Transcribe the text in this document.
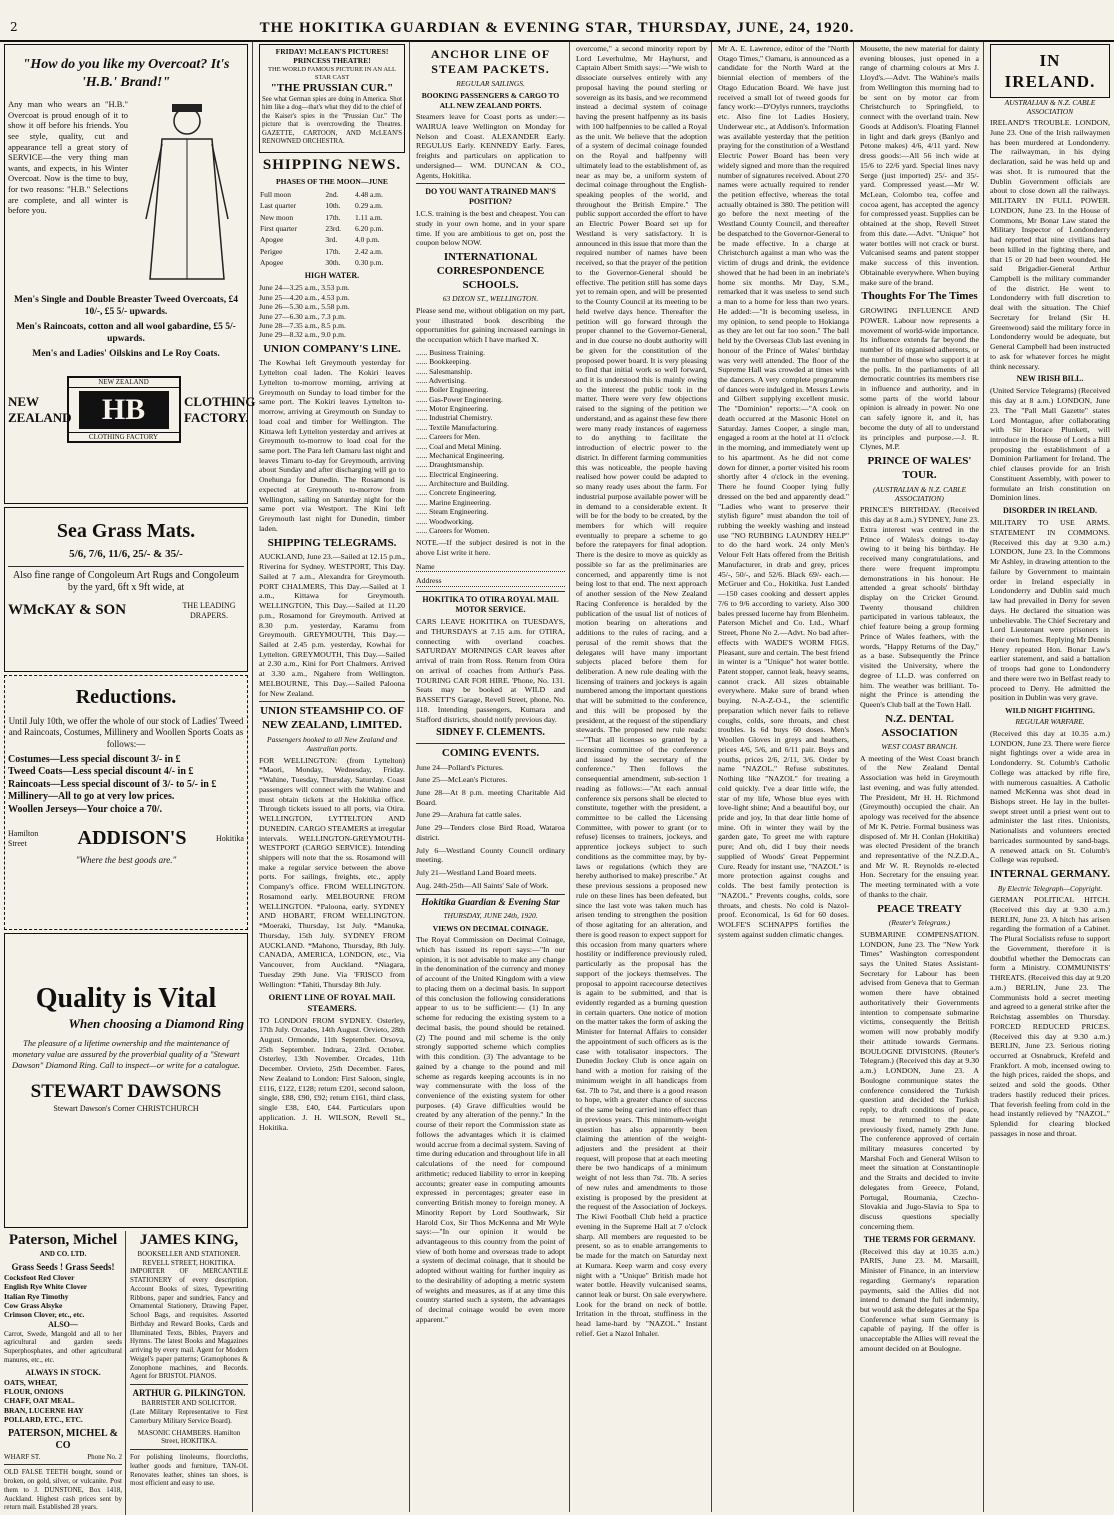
2	THE HOKITIKA GUARDIAN & EVENING STAR, THURSDAY, JUNE, 24, 1920.
"How do you like my Overcoat? It's 'H.B.' Brand!"

Any man who wears an "H.B." Overcoat is proud enough of it to show it off before his friends. You see style, quality, cut and appearance tell a great story of SERVICE—the very thing man wants, and expects, in his Winter Overcoat. Now is the time to buy, for two reasons: "H.B." Selections are complete, and all winter is before you.

Men's Single and Double Breaster Tweed Overcoats, £4 10/-, £5 5/- upwards.

Men's Raincoats, cotton and all wool gabardine, £5 5/- upwards.

Men's and Ladies' Oilskins and Le Roy Coats.

NEW ZEALAND
NEW ZEALAND
HB
CLOTHING FACTORY
CLOTHING FACTORY.
Sea Grass Mats.
5/6, 7/6, 11/6, 25/- & 35/-

Also fine range of Congoleum Art Rugs and Congoleum by the yard, 6ft x 9ft wide, at

WMcKAY & SON	THE LEADING DRAPERS.
Reductions.

Until July 10th, we offer the whole of our stock of Ladies' Tweed and Raincoats, Costumes, Millinery and Woollen Sports Coats as follows:—

Costumes—Less special discount 3/- in £
Tweed Coats—Less special discount 4/- in £
Raincoats—Less special discount of 3/- to 5/- in £
Millinery—All to go at very low prices.
Woollen Jerseys—Your choice a 70/.
Hamilton Street	ADDISON'S	Hokitika
"Where the best goods are."
Quality is Vital
When choosing a Diamond Ring

The pleasure of a lifetime ownership and the maintenance of monetary value are assured by the proverbial quality of a "Stewart Dawson" Diamond Ring. Call to inspect—or write for a catalogue.

STEWART DAWSONS
Stewart Dawson's Corner CHRISTCHURCH
Paterson, Michel
AND CO. LTD.
Grass Seeds ! Grass Seeds!
Cocksfoot Red Clover
English Rye White Clover
Italian Rye Timothy
Cow Grass Alsyke
Crimson Clover, etc., etc.
ALSO—

Carrot, Swede, Mangold and all to her agricultural and garden seeds Superphosphates, and other agricultural manures, etc., etc.

ALWAYS IN STOCK.
OATS, WHEAT,
FLOUR, ONIONS
CHAFF, OAT MEAL.
BRAN, LUCERNE HAY
POLLARD, ETC., ETC.
PATERSON, MICHEL & CO
WHARF ST.	Phone No. 2

OLD FALSE TEETH bought, sound or broken, on gold, silver, or vulcanite. Post them to J. DUNSTONE, Box 1418, Auckland. Highest cash prices sent by return mail. Established 28 years.

JAMES KING,
BOOKSELLER AND STATIONER. REVELL STREET, HOKITIKA.

IMPORTER OF MERCANTILE STATIONERY of every description. Account Books of sizes, Typewriting Ribbons, paper and sundries, Fancy and Ornamental Stationery, Drawing Paper, School Bags, and requisites. Assorted Birthday and Reward Books, Cards and Illuminated Texts, Bibles, Prayers and Hymns. The latest Books and Magazines arriving by every mail. Agent for Modern Weigel's paper patterns; Gramophones & Zonophone machines, and Records. Agent for BRISTOL PIANOS.

ARTHUR G. PILKINGTON.
BARRISTER AND SOLICITOR.

(Late Military Representative to First Canterbury Military Service Board).

MASONIC CHAMBERS. Hamilton Street, HOKITIKA.

For polishing linoleums, floorcloths, leather goods and furniture, TAN-OL Renovates leather, shines tan shoes, is most efficient and easy to use.

FRIDAY! McLEAN'S PICTURES! PRINCESS THEATRE!
THE WORLD FAMOUS PICTURE IN AN ALL STAR CAST
"THE PRUSSIAN CUR."

See what German spies are doing in America. Shot him like a dog—that's what they did to the chief of the Kaiser's spies in the "Prussian Cur." The picture that is overcrowding the Theatres. GAZETTE, CARTOON, AND McLEAN'S RENOWNED ORCHESTRA.

SHIPPING NEWS.
PHASES OF THE MOON—JUNE
Full moon	2nd.	4.48 a.m.
Last quarter	10th.	0.29 a.m.
New moon	17th.	1.11 a.m.
First quarter	23rd.	6.20 p.m.
Apogee	3rd.	4.0 p.m.
Perigee	17th.	2.42 a.m.
Apogee	30th.	0.30 p.m.
HIGH WATER.
June 24—3.25 a.m., 3.53 p.m.
June 25—4.20 a.m., 4.53 p.m.
June 26—5.30 a.m., 5.58 p.m.
June 27—6.30 a.m., 7.3 p.m.
June 28—7.35 a.m., 8.5 p.m.
June 29—8.32 a.m., 9.0 p.m.
UNION COMPANY'S LINE.

The Kowhai left Greymouth yesterday for Lyttelton coal laden. The Kokiri leaves Lyttelton to-morrow morning, arriving at Greymouth on Sunday to load timber for the same port. The Kokiri leaves Lyttelton to-morrow, arriving at Greymouth on Sunday to load coal and timber for Wellington. The Kittawa left Lyttelton yesterday and arrives at Greymouth to-morrow to load coal for the same port. The Para left Oamaru last night and leaves Timaru to-day for Greymouth, arriving about Sunday and after discharging will go to Onehunga for Dunedin. The Rosamond is expected at Greymouth to-morrow from Wellington, sailing on Saturday night for the same port via Westport. The Kini left Greymouth last night for Dunedin, timber laden.

SHIPPING TELEGRAMS.

AUCKLAND, June 23.—Sailed at 12.15 p.m., Riverina for Sydney. WESTPORT, This Day. Sailed at 7 a.m., Alexandra for Greymouth. PORT CHALMERS, This Day.—Sailed at 1 a.m., Kittawa for Greymouth. WELLINGTON, This Day.—Sailed at 11.20 p.m., Rosamond for Greymouth. Arrived at 8.30 p.m. yesterday, Karamu from Greymouth. GREYMOUTH, This Day.—Sailed at 2.45 p.m. yesterday, Kowhai for Lyttelton. GREYMOUTH, This Day.—Sailed at 2.30 a.m., Kini for Port Chalmers. Arrived at 3.30 a.m., Ngahere from Wellington. MELBOURNE, This Day.—Sailed Paloona for New Zealand.

UNION STEAMSHIP CO. OF NEW ZEALAND, LIMITED.
Passengers booked to all New Zealand and Australian ports.

FOR WELLINGTON: (from Lyttelton) *Maori, Monday, Wednesday, Friday. *Wahine, Tuesday, Thursday, Saturday. Coast passengers will connect with the Wahine and must obtain tickets at the Hokitika office. Through tickets issued to all ports, via Otira. WELLINGTON, LYTTELTON AND DUNEDIN. CARGO STEAMERS at irregular intervals. WELLINGTON-GREYMOUTH-WESTPORT (CARGO SERVICE). Intending shippers will note that the ss. Rosamond will make a regular service between the above ports. For sailings, freights, etc., apply Company's office. FROM WELLINGTON. Rosamond early. MELBOURNE FROM WELLINGTON. *Paloona, early. SYDNEY AND HOBART, FROM WELLINGTON. *Moeraki, Thursday, 1st July. *Manuka, Thursday, 15th July. SYDNEY FROM AUCKLAND. *Mahono, Thursday, 8th July. CANADA, AMERICA, LONDON, etc., Via Vancouver, from Auckland. *Niagara, Tuesday 29th June. Via 'FRISCO from Wellington: *Tahiti, Thursday 8th July.

ORIENT LINE OF ROYAL MAIL STEAMERS.

TO LONDON FROM SYDNEY. Osterley, 17th July. Orcades, 14th August. Orvieto, 28th August. Ormonde, 11th September. Orsova, 25th September. Indrara, 23rd. October. Osterley, 13th November. Orcades, 11th December. Orvieto, 25th December. Fares, New Zealand to London: First Saloon, single, £116, £122, £128; return £201, second saloon, single, £88, £90, £92; return £161, third class, single £38, £40, £44. Particulars upon application. J. H. WILSON, Revell St., Hokitika.

ANCHOR LINE OF STEAM PACKETS.
REGULAR SAILINGS.
BOOKING PASSENGERS & CARGO TO ALL NEW ZEALAND PORTS.

Steamers leave for Coast ports as under:— WAIRUA leave Wellington on Monday for Nelson and Coast. ALEXANDER Early. REGULUS Early. KENNEDY Early. Fares, freights and particulars on application to undersigned— WM. DUNCAN & CO., Agents, Hokitika.

DO YOU WANT A TRAINED MAN'S POSITION?

I.C.S. training is the best and cheapest. You can study in your own home, and in your spare time. If you are ambitious to get on, post the coupon below NOW.

INTERNATIONAL CORRESPONDENCE SCHOOLS.
63 DIXON ST., WELLINGTON.

Please send me, without obligation on my part, your illustrated book describing the opportunities for gaining increased earnings in the occupation which I have marked X.

...... Business Training.
...... Bookkeeping.
...... Salesmanship.
...... Advertising.
...... Boiler Engineering.
...... Gas-Power Engineering.
...... Motor Engineering.
...... Industrial Chemistry.
...... Textile Manufacturing.
...... Careers for Men.
...... Coal and Metal Mining.
...... Mechanical Engineering.
...... Draughtsmanship.
...... Electrical Engineering.
...... Architecture and Building.
...... Concrete Engineering.
...... Marine Engineering.
...... Steam Engineering.
...... Woodworking.
...... Careers for Women.

NOTE.—If the subject desired is not in the above List write it here.

Name
Address
HOKITIKA TO OTIRA ROYAL MAIL MOTOR SERVICE.

CARS LEAVE HOKITIKA on TUESDAYS, and THURSDAYS at 7.15 a.m. for OTIRA, connecting with overland coaches. SATURDAY MORNINGS CAR leaves after arrival of train from Ross. Return from Otira on arrival of coaches from Arthur's Pass. TOURING CAR FOR HIRE. 'Phone, No. 131. Seats may be booked at WILD and BASSETT'S Garage, Revell Street, phone, No. 118. Intending passengers, Kumara and Stafford districts, should notify previous day.

SIDNEY F. CLEMENTS.
COMING EVENTS.

June 24—Pollard's Pictures.

June 25—McLean's Pictures.

June 28—At 8 p.m. meeting Charitable Aid Board.

June 29—Arahura fat cattle sales.

June 29—Tenders close Bird Road, Wataroa district.

July 6—Westland County Council ordinary meeting.

July 21—Westland Land Board meets.

Aug. 24th-25th—All Saints' Sale of Work.

Hokitika Guardian & Evening Star
THURSDAY, JUNE 24th, 1920.
VIEWS ON DECIMAL COINAGE.

The Royal Commission on Decimal Coinage, which has issued its report says:—"In our opinion, it is not advisable to make any change in the denomination of the currency and money of account of the United Kingdom with a view to placing them on a decimal basis. In support of this conclusion the following considerations appear to us to be sufficient:— (1) In any scheme for reducing the existing system to a decimal basis, the pound should be retained. (2) The pound and mil scheme is the only strongly supported scheme which complies with this condition. (3) The advantage to be gained by a change to the pound and mil scheme as regards keeping accounts is in no way commensurate with the loss of the convenience of the existing system for other purposes. (4) Grave difficulties would be created by any alteration of the penny." In the course of their report the Commission state as follows the advantages which it is claimed would accrue from a decimal system. Saving of time during education and throughout life in all calculations of the need for compound arithmetic; reduced liability to error in keeping accounts; greater ease in computing amounts expressed in percentages; greater ease in converting British money to foreign money. A Minority Report by Lord Southwark, Sir Harold Cox, Sir Thos McKenna and Mr Wyle says:—"In our opinion it would be advantageous to this country from the point of view of both home and overseas trade to adopt a system of decimal coinage, that it should be adopted without waiting for further inquiry as to the desirability of adopting a metric system of weights and measures, as if at any time this country started such a system, the advantages of decimal coinage would be even more apparent."

overcome," a second minority report by Lord Leverhulme, Mr Hayhurst, and Captain Albert Smith says:—"We wish to dissociate ourselves entirely with any proposal having the pound sterling or sovereign as its basis, and we recommend instead a decimal system of coinage having the present halfpenny as its basis with 100 halfpennies to be called a Royal as the unit. We believe that the adoption of a system of decimal coinage founded on the Royal and halfpenny will ultimately lead to the establishment of, as near as may be, a uniform system of decimal coinage throughout the English-speaking peoples of the world, and throughout the British Empire." The public support accorded the effort to have an Electric Power Board set up for Westland is very satisfactory. It is announced in this issue that more than the required number of names have been received, so that the prayer of the petition to the Governor-General should be effective. The petition still has some days yet to remain open, and will be presented to the County Council at its meeting to be held twelve days hence. Thereafter the petition will go forward through the proper channel to the Governor-General, and in due course no doubt authority will be given for the constitution of the proposed power board. It is very pleasing to find that initial work so well forward, and it is understood this is mainly owing to the interest the public took in the matter. There were very few objections raised to the signing of the petition we understand, and as against these few there were many ready instances of eagerness to do anything to facilitate the introduction of electric power to the district. In different farming communities this was noticeable, the people having realised how power could be adapted to so many ready uses about the farm. For industrial purpose available power will be in demand to a considerable extent. It will be for the body to be created, by the members for which will require eventually to prepare a scheme to go before the ratepayers for final adoption. There is the desire to move as quickly as possible so far as the preliminaries are concerned, and apparently time is not being lost to that end. The next approach of another session of the New Zealand Racing Conference is heralded by the publication of the usual list of notices of motion bearing on alterations and additions to the rules of racing, and a perusal of the remit shows that the delegates will have many important subjects placed before them for deliberation. A new rule dealing with the licensing of trainers and jockeys is again numbered among the important questions that will be submitted to the conference, and this will be proposed by the president, at the request of the stipendiary stewards. The proposed new rule reads:—"That all licenses so granted by a licensing committee of the conference and issued by the secretary of the conference." Then follows the consequential amendment, sub-section 1 reading as follows:—"At each annual conference six persons shall be elected to constitute, together with the president, a committee to be called the Licensing Committee, with power to grant (or to refuse) licenses to trainers, jockeys, and apprentice jockeys subject to such conditions as the committee may, by by-laws or regulations (which they are hereby authorised to make) prescribe." At these previous sessions a proposed new rule on these lines has been defeated, but since the last vote was taken much has arisen tending to strengthen the position of those agitating for an alteration, and there is good reason to expect support for this occasion from many quarters where hostility or indifference previously ruled, particularly as the proposal has the support of the jockeys themselves. The proposal to appoint racecourse detectives is again to be submitted, and that is evidently regarded as a burning question in certain quarters. One notice of motion on the matter takes the form of asking the Minister for Internal Affairs to consider the appointment of such officers as is the case with totalisator inspectors. The Dunedin Jockey Club is once again on hand with a motion for raising of the minimum weight in all handicaps from 6st. 7lb to 7st, and there is a good reason to hope, with a greater chance of success of the same being carried into effect than in previous years. This minimum-weight question has also apparently been claiming the attention of the weight-adjusters and the president at their request, will propose that at each meeting there be two handicaps of a minimum weight of not less than 7st. 7lb. A series of new rules and amendments to those existing is proposed by the president at the request of the Association of Jockeys. The Kiwi Football Club held a practice evening in the Supreme Hall at 7 o'clock sharp. All members are requested to be present, so as to enable arrangements to be made for the match on Saturday next at Kumara. Keep warm and cosy every night with a "Unique" British made hot water bottle. Heavily vulcanised seams, cannot leak or burst. On sale everywhere. Look for the brand on neck of bottle. Irritation in the throat, stuffiness in the head lame-hard by "NAZOL." Instant relief. Get a Nazol Inhaler.

Mr A. E. Lawrence, editor of the "North Otago Times," Oamaru, is announced as a candidate for the North Ward at the biennial election of members of the Otago Education Board. We have just received a small lot of tweed goods for fancy work:—D'Oylys runners, traycloths etc. Also fine lot Ladies Hosiery, Underwear etc., at Addison's. Information was available yesterday that the petition praying for the constitution of a Westland Electric Power Board has been very widely signed and more than the required number of signatures received. About 270 names were actually required to render the petition effective, whereas the total actually obtained is 380. The petition will go before the next meeting of the Westland County Council, and thereafter be despatched to the Governor-General to be made effective. In a charge at Christchurch against a man who was the victim of drugs and drink, the evidence showed that he had been in an inebriate's home six months. Mr Day, S.M., remarked that it was useless to send such a man to a home for less than two years. He added:—"It is becoming useless, in my opinion, to send people to Hokianga as they are let out far too soon." The ball held by the Overseas Club last evening in honour of the Prince of Wales' birthday was very well attended. The floor of the Supreme Hall was crowded at times with the dancers. A very complete programme of dances were indulged in. Messrs Lewis and Gilbert supplying excellent music. The "Dominion" reports:—"A cook on death occurred at the Masonic Hotel on Saturday. James Cooper, a single man, engaged a room at the hotel at 11 o'clock in the morning, and immediately went up to his apartment. As he did not come down for dinner, a porter visited his room shortly after 4 o'clock in the evening. There he found Cooper lying fully dressed on the bed and apparently dead." "Ladies who want to preserve their stylish figure" must abandon the toil of rubbing the weekly washing and instead use "NO RUBBING LAUNDRY HELP" to do the hard work. 24 only Men's Velour Felt Hats offered from the British Manufacturer, in drab and grey, prices 45/-, 50/-, and 52/6. Black 69/- each.—McGruer and Co., Hokitika. Just Landed—150 cases cooking and dessert apples 7/6 to 9/6 according to variety. Also 300 bales pressed lucerne hay from Blenheim. Paterson Michel and Co. Ltd., Wharf Street, Phone No 2.—Advt. No bad after-effects with WADE'S WORM FIGS. Pleasant, sure and certain. The best friend in winter is a "Unique" hot water bottle. Patent stopper, cannot leak, heavy seams, cannot crack. All sizes obtainable everywhere. Make sure of brand when buying. N-A-Z-O-L, the scientific preparation which never fails to relieve coughs, colds, sore throats, and chest troubles. Is 6d buys 60 doses. Men's Woollen Gloves in greys and heathers, prices 4/6, 5/6, and 6/11 pair. Boys and youths, prices 2/6, 2/11, 3/6. Order by name "NAZOL." Refuse substitutes. Nothing like "NAZOL" for treating a cold quickly. I've a dear little wife, the star of my life, Whose blue eyes with love-light shine; And a beautiful boy, our pride and joy, In that dear little home of mine. Oft in winter they wail by the garden gate, To greet me with rapture pure; And oh, did I buy their needs supplied of Woods' Great Peppermint Cure. Ready for instant use, "NAZOL" is more protection against coughs and colds. The best family protection is "NAZOL." Prevents coughs, colds, sore throats, and chests. No cold is Nazol-proof. Economical, 1s 6d for 60 doses. WOLFE'S SCHNAPPS fortifies the system against sudden climatic changes.

Mousette, the new material for dainty evening blouses, just opened in a range of charming colours at Mrs J. Lloyd's.—Advt. The Wahine's mails from Wellington this morning had to be sent on by motor car from Christchurch to Springfield, to connect with the overland train. New Goods at Addison's. Floating Flannel in light and dark greys (Banlyo and Petone makes) 4/6, 4/11 yard. New dress goods:—All 56 inch wide at 15/6 to 22/6 yard. Special lines navy Serge (just imported) 25/- and 35/- yard. Compressed yeast.—Mr W. McLean, Colombo tea, coffee and cocoa agent, has accepted the agency for compressed yeast. Supplies can be obtained at the shop, Revell Street from this date.—Advt. "Unique" hot water bottles will not crack or burst. Vulcanised seams and patent stopper make success of this invention. Obtainable everywhere. When buying make sure of the brand.

Thoughts For The Times

GROWING INFLUENCE AND POWER. Labour now represents a movement of world-wide importance. Its influence extends far beyond the number of its organised adherents, or the number of those who support it at the polls. In the parliaments of all democratic countries its members rise in influence and authority, and in some parts of the world labour opinion is already in power. No one can safely ignore it, and it, has become the duty of all to understand its principles and purpose.—J. R. Clynes, M.P.

PRINCE OF WALES' TOUR.
(AUSTRALIAN & N.Z. CABLE ASSOCIATION)

PRINCE'S BIRTHDAY. (Received this day at 8 a.m.) SYDNEY, June 23. Extra interest was centred in the Prince of Wales's doings to-day owing to it being his birthday. He received many congratulations, and there were frequent impromptu demonstrations in his honour. He attended a great schools' birthday display on the Cricket Ground. Twenty thousand children participated in various tableaux, the chief feature being a group forming Prince of Wales feathers, with the words, "Happy Returns of the Day," as a base. Subsequently the Prince visited the University, where the degree of LL.D. was conferred on him. The weather was brilliant. To-night the Prince is attending the Queen's Club ball at the Town Hall.

N.Z. DENTAL ASSOCIATION
WEST COAST BRANCH.

A meeting of the West Coast branch of the New Zealand Dental Association was held in Greymouth last evening, and was fully attended. The President, Mr H. H. Richmond (Greymouth) occupied the chair. An apology was received for the absence of Mr K. Petrie. Formal business was disposed of. Mr H. Conlan (Hokitika) was elected President of the branch and representative of the N.Z.D.A., and Mr W. R. Reynolds re-elected Hon. Secretary for the ensuing year. The meeting terminated with a vote of thanks to the chair.

PEACE TREATY
(Reuter's Telegram.)

SUBMARINE COMPENSATION. LONDON, June 23. The "New York Times" Washington correspondent says the United States Assistant-Secretary for Labour has been advised from Geneva that to German women there have obtained authoritatively their Governments intention to compensate submarine victims, consequently the British women will now probably modify their attitude towards Germans. BOULOGNE DIVISIONS. (Reuter's Telegram.) (Received this day at 9.30 a.m.) LONDON, June 23. A Boulogne communique states the conference considered the Turkish question and decided the Turkish reply, to draft conditions of peace, must be returned to the date previously fixed, namely 29th June. The conference approved of certain military measures concerted by Marshal Foch and General Wilson to meet the situation at Constantinople and the Straits and decided to invite delegates from Greece, Poland, Portugal, Roumania, Czecho-Slovakia and Jugo-Slavia to Spa to discuss questions specially concerning them.

THE TERMS FOR GERMANY.

(Received this day at 10.35 a.m.) PARIS, June 23. M. Marsaill, Minister of Finance, in an interview regarding Germany's reparation payments, said the Allies did not intend to demand the full indemnity, but would ask the delegates at the Spa Conference what sum Germany is capable of paying. If the offer is unacceptable the Allies will reveal the amount decided on at Boulogne.

IN IRELAND.
AUSTRALIAN & N.Z. CABLE ASSOCIATION

IRELAND'S TROUBLE. LONDON, June 23. One of the Irish railwaymen has been murdered at Londonderry. The railwayman, in his dying declaration, said he was held up and was shot. It is rumoured that the Dublin Government officials are about to close down all the railways. MILITARY IN FULL POWER. LONDON, June 23. In the House of Commons, Mr Bonar Law stated the Military Inspector of Londonderry had reported that nine civilians had been killed in the fighting there, and that 15 or 20 had been wounded. He said Brigadier-General Arthur Campbell is the military commander of the district. He went to Londonderry with full discretion to deal with the situation. The Chief Secretary for Ireland (Sir H. Greenwood) said the military force in Londonderry would be adequate, but General Campbell had been instructed to ask for whatever forces he might think necessary.

NEW IRISH BILL.

(United Service Telegrams) (Received this day at 8 a.m.) LONDON, June 23. The "Pall Mall Gazette" states Lord Montague, after collaborating with Sir Horace Plunkett, will introduce in the House of Lords a Bill proposing the establishment of a Dominion Parliament for Ireland. The chief clauses provide for an Irish Constituent Assembly, with power to formulate an Irish constitution on Dominion lines.

DISORDER IN IRELAND.

MILITARY TO USE ARMS. STATEMENT IN COMMONS. (Received this day at 9.30 a.m.) LONDON, June 23. In the Commons Mr Ashley, in drawing attention to the failure by Government to maintain order in Ireland especially in Londonderry and Dublin said much law had prevailed in Derry for seven days. He declared the situation was unbelievable. The Chief Secretary and Lord Lieutenant were prisoners in their own homes. Replying Mr Dennis Henry repeated Hon. Bonar Law's earlier statement, and said a battalion of troops had gone to Londonderry and there were two in Belfast ready to proceed to Derry. He admitted the position in Dublin was very grave.

WILD NIGHT FIGHTING.
REGULAR WARFARE.

(Received this day at 10.35 a.m.) LONDON, June 23. There were fierce night fightings over a wide area in Londonderry. St. Columb's Catholic College was attacked by rifle fire, with numerous casualties. A Catholic named McKenna was shot dead in Bishops street. He lay in the bullet-swept street until a priest went out to administer the last rites. Unionists, Nationalists and volunteers erected barricades surmounted by sand-bags. A renewed attack on St. Columb's College was repulsed.

INTERNAL GERMANY.
By Electric Telegraph—Copyright.

GERMAN POLITICAL HITCH. (Received this day at 9.30 a.m.) BERLIN, June 23. A hitch has arisen regarding the formation of a Cabinet. The Plural Socialists refuse to support the Government, therefore it is doubtful whether the Democrats can form a Ministry. COMMUNISTS' THREATS. (Received this day at 9.20 a.m.) BERLIN, June 23. The Communists hold a secret meeting and agreed to a general strike after the Reichstag assembles on Thursday. FORCED REDUCED PRICES. (Received this day at 9.30 a.m.) BERLIN, June 23. Serious rioting occurred at Osnabruck, Krefeld and Frankfort. A mob, incensed owing to the high prices, raided the shops, and seized and sold the goods. Other traders hastily reduced their prices. That feverish feeling from cold in the head instantly relieved by "NAZOL." Splendid for clearing blocked passages in nose and throat.
